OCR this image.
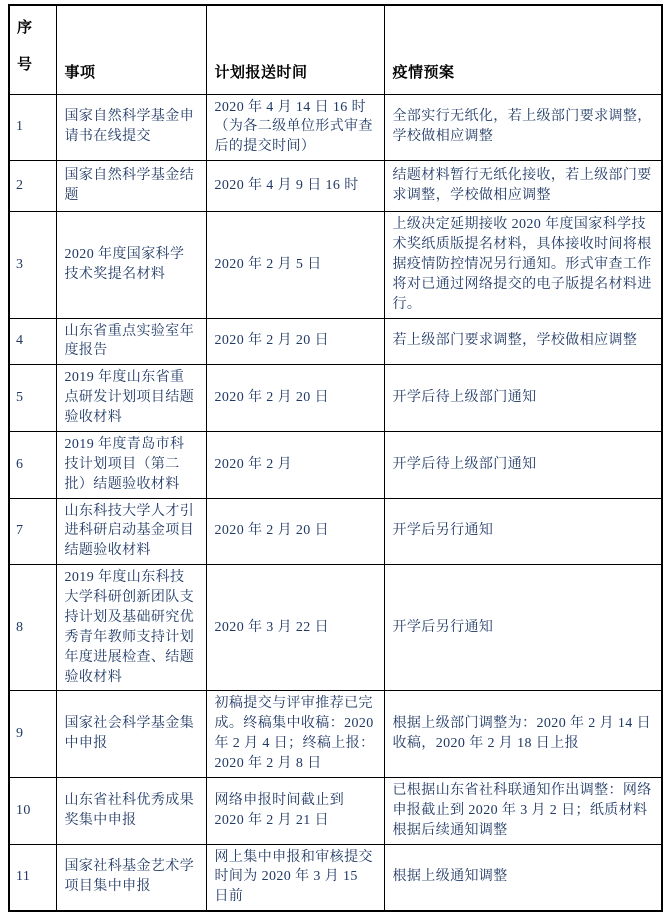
序号	事项	计划报送时间	疫情预案
1	国家自然科学基金申请书在线提交	2020 年 4 月 14 日 16 时（为各二级单位形式审查后的提交时间）	全部实行无纸化，若上级部门要求调整，学校做相应调整
2	国家自然科学基金结题	2020 年 4 月 9 日 16 时	结题材料暂行无纸化接收，若上级部门要求调整，学校做相应调整
3	2020 年度国家科学技术奖提名材料	2020 年 2 月 5 日	上级决定延期接收 2020 年度国家科学技术奖纸质版提名材料，具体接收时间将根据疫情防控情况另行通知。形式审查工作将对已通过网络提交的电子版提名材料进行。
4	山东省重点实验室年度报告	2020 年 2 月 20 日	若上级部门要求调整，学校做相应调整
5	2019 年度山东省重点研发计划项目结题验收材料	2020 年 2 月 20 日	开学后待上级部门通知
6	2019 年度青岛市科技计划项目（第二批）结题验收材料	2020 年 2 月	开学后待上级部门通知
7	山东科技大学人才引进科研启动基金项目结题验收材料	2020 年 2 月 20 日	开学后另行通知
8	2019 年度山东科技大学科研创新团队支持计划及基础研究优秀青年教师支持计划年度进展检查、结题验收材料	2020 年 3 月 22 日	开学后另行通知
9	国家社会科学基金集中申报	初稿提交与评审推荐已完成。终稿集中收稿：2020 年 2 月 4 日；终稿上报：2020 年 2 月 8 日	根据上级部门调整为：2020 年 2 月 14 日收稿，2020 年 2 月 18 日上报
10	山东省社科优秀成果奖集中申报	网络申报时间截止到 2020 年 2 月 21 日	已根据山东省社科联通知作出调整：网络申报截止到 2020 年 3 月 2 日；纸质材料根据后续通知调整
11	国家社科基金艺术学项目集中申报	网上集中申报和审核提交时间为 2020 年 3 月 15 日前	根据上级通知调整
